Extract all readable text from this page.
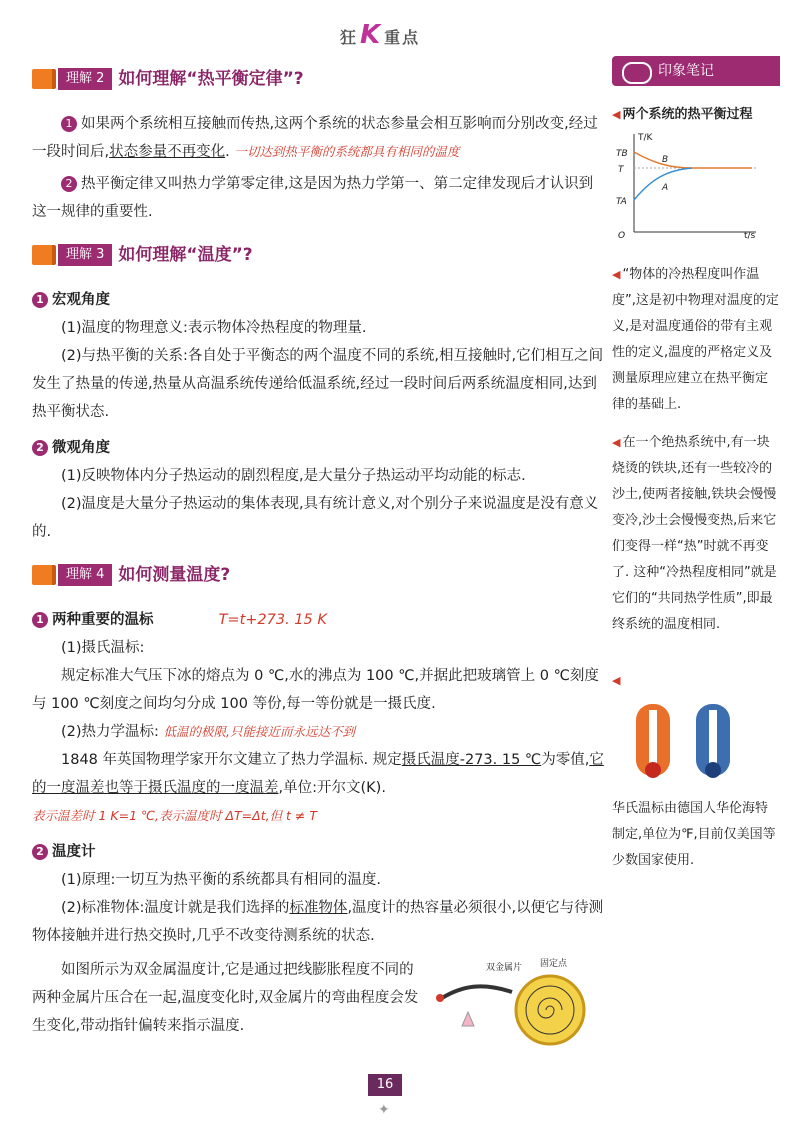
狂K 重点
理解 2 如何理解“热平衡定律”?

1 如果两个系统相互接触而传热,这两个系统的状态参量会相互影响而分别改变,经过一段时间后,状态参量不再变化. 一切达到热平衡的系统都具有相同的温度

2 热平衡定律又叫热力学第零定律,这是因为热力学第一、第二定律发现后才认识到这一规律的重要性.

理解 3 如何理解“温度”?

1 宏观角度

(1)温度的物理意义:表示物体冷热程度的物理量.

(2)与热平衡的关系:各自处于平衡态的两个温度不同的系统,相互接触时,它们相互之间发生了热量的传递,热量从高温系统传递给低温系统,经过一段时间后两系统温度相同,达到热平衡状态.

2 微观角度

(1)反映物体内分子热运动的剧烈程度,是大量分子热运动平均动能的标志.

(2)温度是大量分子热运动的集体表现,具有统计意义,对个别分子来说温度是没有意义的.

理解 4 如何测量温度?

1 两种重要的温标	T=t+273. 15 K

(1)摄氏温标:

规定标准大气压下冰的熔点为 0 ℃,水的沸点为 100 ℃,并据此把玻璃管上 0 ℃刻度与 100 ℃刻度之间均匀分成 100 等份,每一等份就是一摄氏度.

(2)热力学温标: 低温的极限,只能接近而永远达不到

1848 年英国物理学家开尔文建立了热力学温标. 规定摄氏温度-273. 15 ℃为零值,它的一度温差也等于摄氏温度的一度温差,单位:开尔文(K).

表示温差时 1 K=1 ℃,表示温度时 ΔT=Δt,但 t ≠ T

2 温度计

(1)原理:一切互为热平衡的系统都具有相同的温度.

(2)标准物体:温度计就是我们选择的标准物体,温度计的热容量必须很小,以便它与待测物体接触并进行热交换时,几乎不改变待测系统的状态.

如图所示为双金属温度计,它是通过把线膨胀程度不同的两种金属片压合在一起,温度变化时,双金属片的弯曲程度会发生变化,带动指针偏转来指示温度.

双金属片 固定点
印象笔记
◀ 两个系统的热平衡过程
T/K
t/s
O
TB
T
TA
B
A
◀ “物体的冷热程度叫作温度”,这是初中物理对温度的定义,是对温度通俗的带有主观性的定义,温度的严格定义及测量原理应建立在热平衡定律的基础上.
◀ 在一个绝热系统中,有一块烧烫的铁块,还有一些较冷的沙土,使两者接触,铁块会慢慢变冷,沙土会慢慢变热,后来它们变得一样“热”时就不再变了. 这种“冷热程度相同”就是它们的“共同热学性质”,即最终系统的温度相同.
◀
华氏温标由德国人华伦海特制定,单位为℉,目前仅美国等少数国家使用.
16
✦
